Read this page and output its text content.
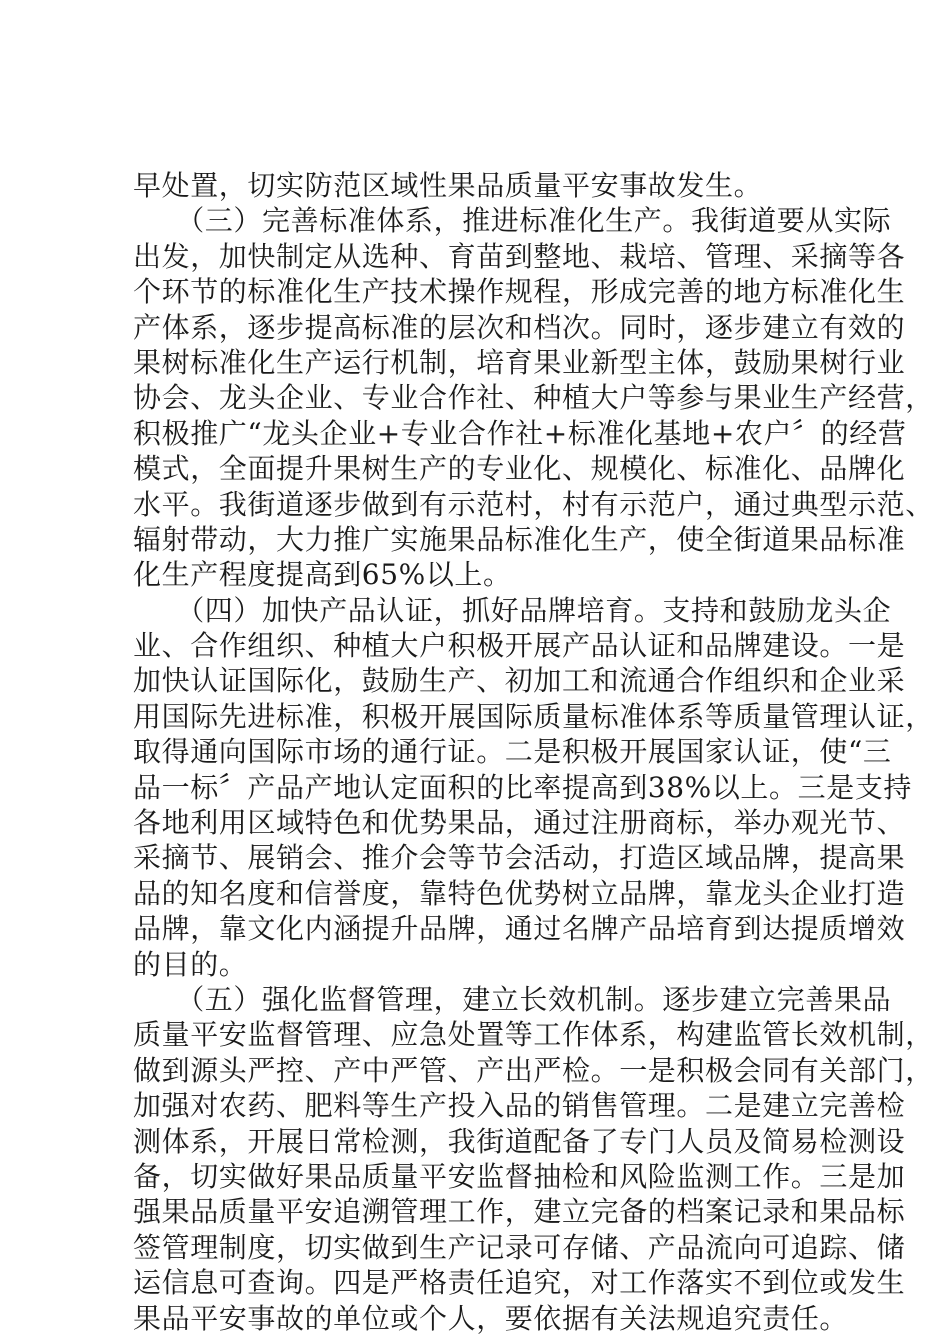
早处置，切实防范区域性果品质量平安事故发生。
　　（三）完善标准体系，推进标准化生产。我街道要从实际
出发，加快制定从选种、育苗到整地、栽培、管理、采摘等各
个环节的标准化生产技术操作规程，形成完善的地方标准化生
产体系，逐步提高标准的层次和档次。同时，逐步建立有效的
果树标准化生产运行机制，培育果业新型主体，鼓励果树行业
协会、龙头企业、专业合作社、种植大户等参与果业生产经营，
积极推广“龙头企业+专业合作社+标准化基地+农户〞的经营
模式，全面提升果树生产的专业化、规模化、标准化、品牌化
水平。我街道逐步做到有示范村，村有示范户，通过典型示范、
辐射带动，大力推广实施果品标准化生产，使全街道果品标准
化生产程度提高到65%以上。
　　（四）加快产品认证，抓好品牌培育。支持和鼓励龙头企
业、合作组织、种植大户积极开展产品认证和品牌建设。一是
加快认证国际化，鼓励生产、初加工和流通合作组织和企业采
用国际先进标准，积极开展国际质量标准体系等质量管理认证，
取得通向国际市场的通行证。二是积极开展国家认证，使“三
品一标〞产品产地认定面积的比率提高到38%以上。三是支持
各地利用区域特色和优势果品，通过注册商标，举办观光节、
采摘节、展销会、推介会等节会活动，打造区域品牌，提高果
品的知名度和信誉度，靠特色优势树立品牌，靠龙头企业打造
品牌，靠文化内涵提升品牌，通过名牌产品培育到达提质增效
的目的。
　　（五）强化监督管理，建立长效机制。逐步建立完善果品
质量平安监督管理、应急处置等工作体系，构建监管长效机制，
做到源头严控、产中严管、产出严检。一是积极会同有关部门，
加强对农药、肥料等生产投入品的销售管理。二是建立完善检
测体系，开展日常检测，我街道配备了专门人员及简易检测设
备，切实做好果品质量平安监督抽检和风险监测工作。三是加
强果品质量平安追溯管理工作，建立完备的档案记录和果品标
签管理制度，切实做到生产记录可存储、产品流向可追踪、储
运信息可查询。四是严格责任追究，对工作落实不到位或发生
果品平安事故的单位或个人，要依据有关法规追究责任。
